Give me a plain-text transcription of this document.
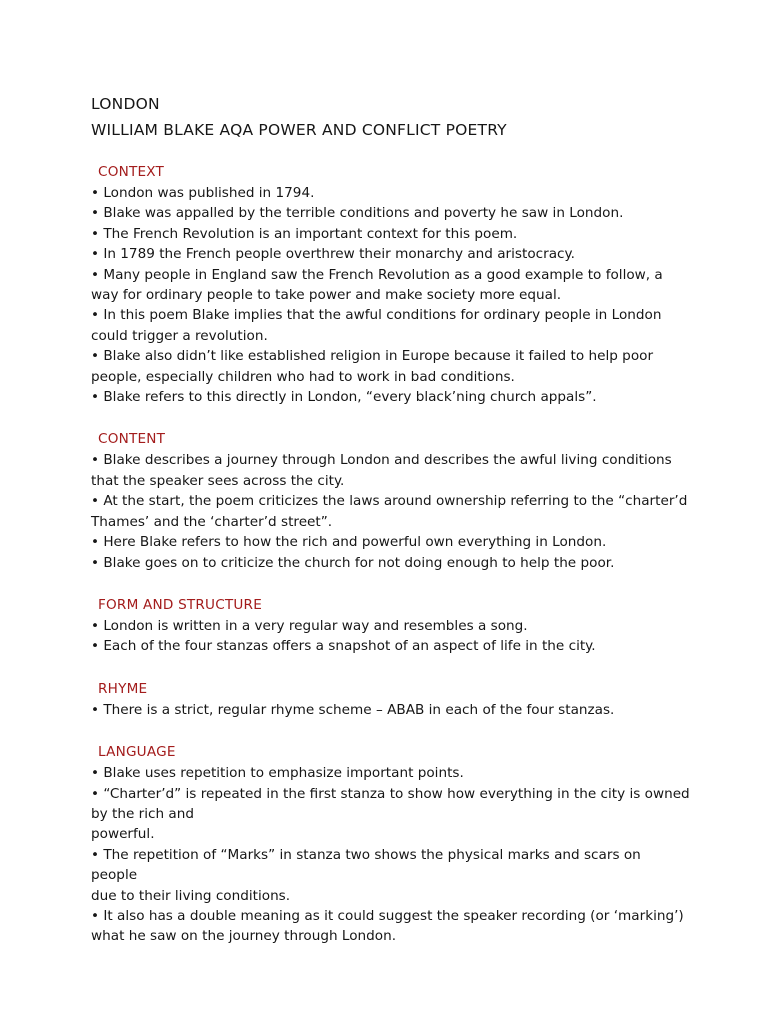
LONDON
WILLIAM BLAKE AQA POWER AND CONFLICT POETRY
CONTEXT
• London was published in 1794.
• Blake was appalled by the terrible conditions and poverty he saw in London.
• The French Revolution is an important context for this poem.
• In 1789 the French people overthrew their monarchy and aristocracy.
• Many people in England saw the French Revolution as a good example to follow, a
way for ordinary people to take power and make society more equal.
• In this poem Blake implies that the awful conditions for ordinary people in London
could trigger a revolution.
• Blake also didn’t like established religion in Europe because it failed to help poor
people, especially children who had to work in bad conditions.
• Blake refers to this directly in London, “every black’ning church appals”.
CONTENT
• Blake describes a journey through London and describes the awful living conditions
that the speaker sees across the city.
• At the start, the poem criticizes the laws around ownership referring to the “charter’d
Thames’ and the ‘charter’d street”.
• Here Blake refers to how the rich and powerful own everything in London.
• Blake goes on to criticize the church for not doing enough to help the poor.
FORM AND STRUCTURE
• London is written in a very regular way and resembles a song.
• Each of the four stanzas offers a snapshot of an aspect of life in the city.
RHYME
• There is a strict, regular rhyme scheme – ABAB in each of the four stanzas.
LANGUAGE
• Blake uses repetition to emphasize important points.
• “Charter’d” is repeated in the first stanza to show how everything in the city is owned
by the rich and
powerful.
• The repetition of “Marks” in stanza two shows the physical marks and scars on people
due to their living conditions.
• It also has a double meaning as it could suggest the speaker recording (or ‘marking’)
what he saw on the journey through London.
